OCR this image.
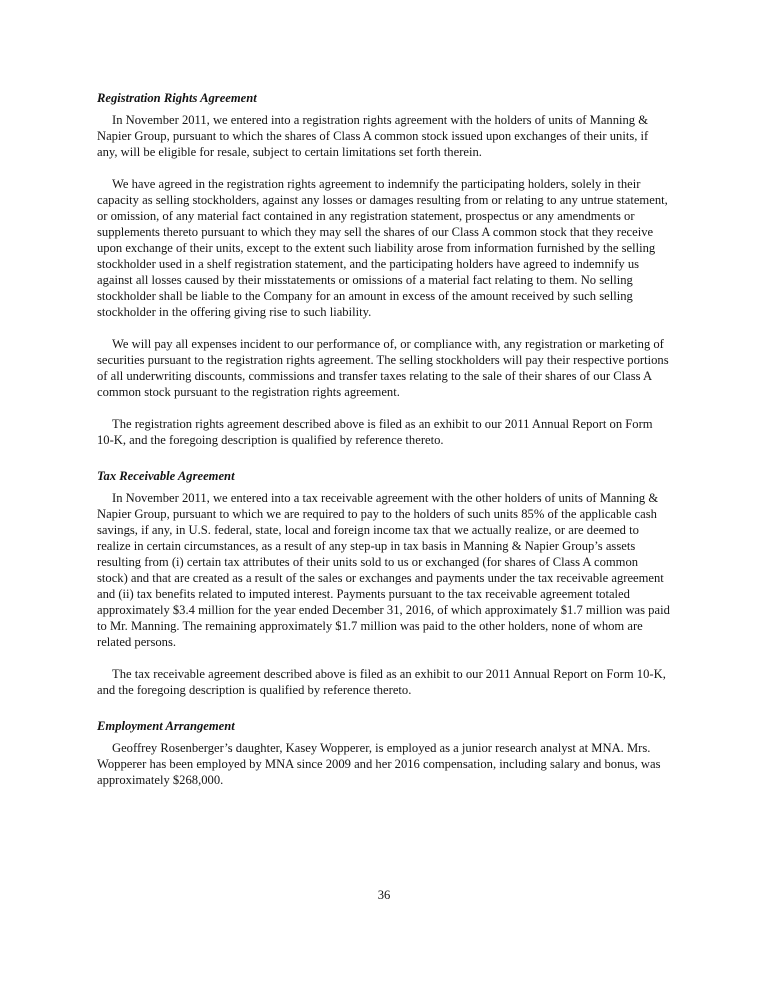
Registration Rights Agreement

In November 2011, we entered into a registration rights agreement with the holders of units of Manning & Napier Group, pursuant to which the shares of Class A common stock issued upon exchanges of their units, if any, will be eligible for resale, subject to certain limitations set forth therein.

We have agreed in the registration rights agreement to indemnify the participating holders, solely in their capacity as selling stockholders, against any losses or damages resulting from or relating to any untrue statement, or omission, of any material fact contained in any registration statement, prospectus or any amendments or supplements thereto pursuant to which they may sell the shares of our Class A common stock that they receive upon exchange of their units, except to the extent such liability arose from information furnished by the selling stockholder used in a shelf registration statement, and the participating holders have agreed to indemnify us against all losses caused by their misstatements or omissions of a material fact relating to them. No selling stockholder shall be liable to the Company for an amount in excess of the amount received by such selling stockholder in the offering giving rise to such liability.

We will pay all expenses incident to our performance of, or compliance with, any registration or marketing of securities pursuant to the registration rights agreement. The selling stockholders will pay their respective portions of all underwriting discounts, commissions and transfer taxes relating to the sale of their shares of our Class A common stock pursuant to the registration rights agreement.

The registration rights agreement described above is filed as an exhibit to our 2011 Annual Report on Form 10-K, and the foregoing description is qualified by reference thereto.

Tax Receivable Agreement

In November 2011, we entered into a tax receivable agreement with the other holders of units of Manning & Napier Group, pursuant to which we are required to pay to the holders of such units 85% of the applicable cash savings, if any, in U.S. federal, state, local and foreign income tax that we actually realize, or are deemed to realize in certain circumstances, as a result of any step-up in tax basis in Manning & Napier Group’s assets resulting from (i) certain tax attributes of their units sold to us or exchanged (for shares of Class A common stock) and that are created as a result of the sales or exchanges and payments under the tax receivable agreement and (ii) tax benefits related to imputed interest. Payments pursuant to the tax receivable agreement totaled approximately $3.4 million for the year ended December 31, 2016, of which approximately $1.7 million was paid to Mr. Manning. The remaining approximately $1.7 million was paid to the other holders, none of whom are related persons.

The tax receivable agreement described above is filed as an exhibit to our 2011 Annual Report on Form 10-K, and the foregoing description is qualified by reference thereto.

Employment Arrangement

Geoffrey Rosenberger’s daughter, Kasey Wopperer, is employed as a junior research analyst at MNA. Mrs. Wopperer has been employed by MNA since 2009 and her 2016 compensation, including salary and bonus, was approximately $268,000.

36
